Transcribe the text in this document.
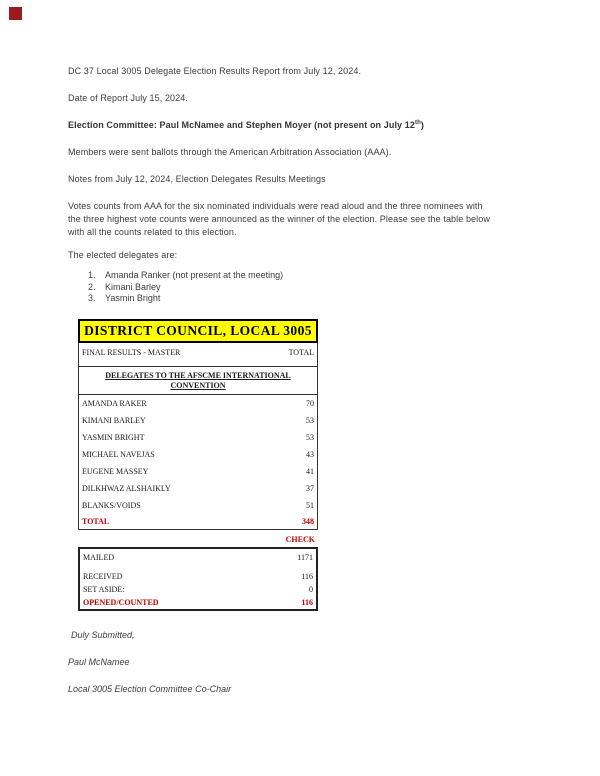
DC 37 Local 3005 Delegate Election Results Report from July 12, 2024.

Date of Report July 15, 2024.

Election Committee: Paul McNamee and Stephen Moyer (not present on July 12th)

Members were sent ballots through the American Arbitration Association (AAA).

Notes from July 12, 2024, Election Delegates Results Meetings

Votes counts from AAA for the six nominated individuals were read aloud and the three nominees with
the three highest vote counts were announced as the winner of the election. Please see the table below
with all the counts related to this election.

The elected delegates are:

1.	Amanda Ranker (not present at the meeting)
2.	Kimani Barley
3.	Yasmin Bright
DISTRICT COUNCIL, LOCAL 3005
FINAL RESULTS - MASTER	TOTAL
DELEGATES TO THE AFSCME INTERNATIONAL
CONVENTION
AMANDA RAKER	70
KIMANI BARLEY	53
YASMIN BRIGHT	53
MICHAEL NAVEJAS	43
EUGENE MASSEY	41
DILKHWAZ ALSHAIKLY	37
BLANKS/VOIDS	51
TOTAL	348
CHECK
MAILED	1171
RECEIVED	116
SET ASIDE:	0
OPENED/COUNTED	116

Duly Submitted,

Paul McNamee

Local 3005 Election Committee Co-Chair
